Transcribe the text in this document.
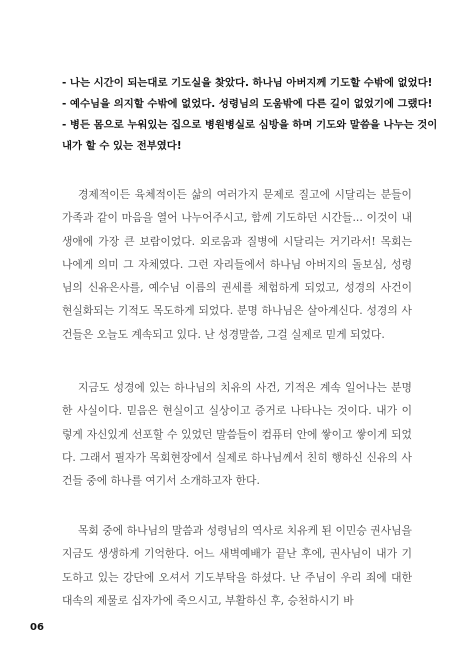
- 나는 시간이 되는대로 기도실을 찾았다. 하나님 아버지께 기도할 수밖에 없었다!
- 예수님을 의지할 수밖에 없었다. 성령님의 도움밖에 다른 길이 없었기에 그랬다!
- 병든 몸으로 누워있는 집으로 병원병실로 심방을 하며 기도와 말씀을 나누는 것이
내가 할 수 있는 전부였다!

경제적이든 육체적이든 삶의 여러가지 문제로 질고에 시달리는 분들이 가족과 같이 마음을 열어 나누어주시고, 함께 기도하던 시간들... 이것이 내 생애에 가장 큰 보람이었다. 외로움과 질병에 시달리는 거기라서! 목회는 나에게 의미 그 자체였다. 그런 자리들에서 하나님 아버지의 돌보심, 성령님의 신유은사를, 예수님 이름의 권세를 체험하게 되었고, 성경의 사건이 현실화되는 기적도 목도하게 되었다. 분명 하나님은 살아계신다. 성경의 사건들은 오늘도 계속되고 있다. 난 성경말씀, 그걸 실제로 믿게 되었다.

지금도 성경에 있는 하나님의 치유의 사건, 기적은 계속 일어나는 분명한 사실이다. 믿음은 현실이고 실상이고 증거로 나타나는 것이다. 내가 이렇게 자신있게 선포할 수 있었던 말씀들이 컴퓨터 안에 쌓이고 쌓이게 되었다. 그래서 필자가 목회현장에서 실제로 하나님께서 친히 행하신 신유의 사건들 중에 하나를 여기서 소개하고자 한다.

목회 중에 하나님의 말씀과 성령님의 역사로 치유케 된 이민승 권사님을 지금도 생생하게 기억한다. 어느 새벽예배가 끝난 후에, 권사님이 내가 기도하고 있는 강단에 오셔서 기도부탁을 하셨다. 난 주님이 우리 죄에 대한 대속의 제물로 십자가에 죽으시고, 부활하신 후, 승천하시기 바

06
